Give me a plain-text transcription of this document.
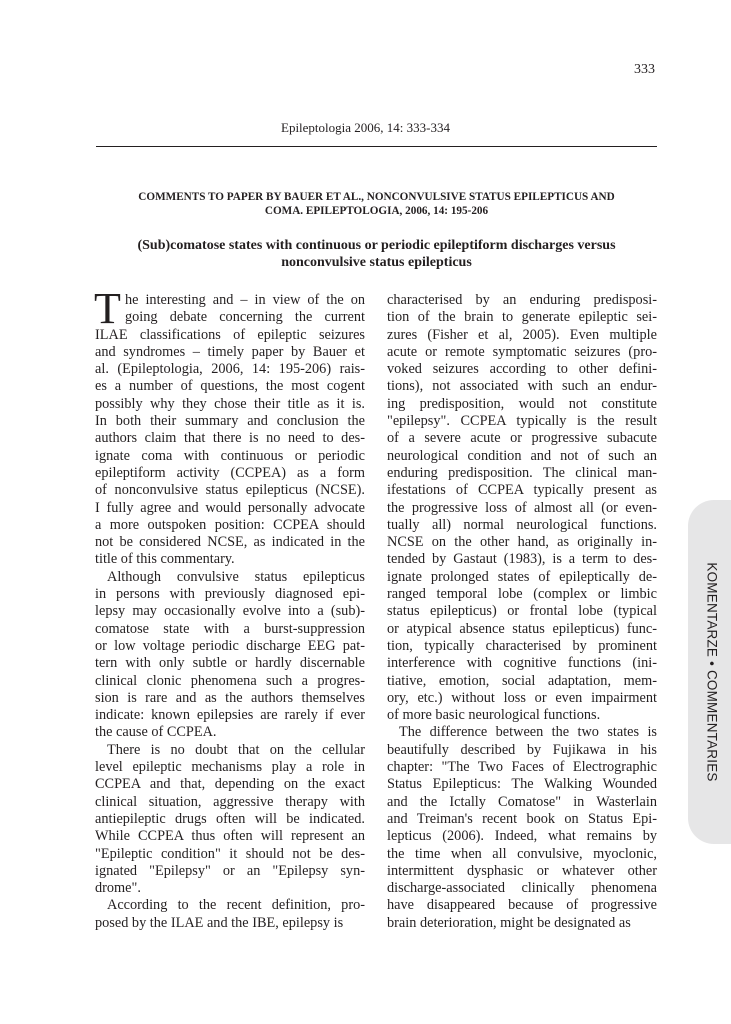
333
Epileptologia 2006, 14: 333-334
COMMENTS TO PAPER BY BAUER ET AL., NONCONVULSIVE STATUS EPILEPTICUS AND
COMA. EPILEPTOLOGIA, 2006, 14: 195-206
(Sub)comatose states with continuous or periodic epileptiform discharges versus
nonconvulsive status epilepticus
T he interesting and – in view of the on
going debate concerning the current
ILAE classifications of epileptic seizures
and syndromes – timely paper by Bauer et
al. (Epileptologia, 2006, 14: 195-206) rais-
es a number of questions, the most cogent
possibly why they chose their title as it is.
In both their summary and conclusion the
authors claim that there is no need to des-
ignate coma with continuous or periodic
epileptiform activity (CCPEA) as a form
of nonconvulsive status epilepticus (NCSE).
I fully agree and would personally advocate
a more outspoken position: CCPEA should
not be considered NCSE, as indicated in the
title of this commentary.
Although convulsive status epilepticus
in persons with previously diagnosed epi-
lepsy may occasionally evolve into a (sub)-
comatose state with a burst-suppression
or low voltage periodic discharge EEG pat-
tern with only subtle or hardly discernable
clinical clonic phenomena such a progres-
sion is rare and as the authors themselves
indicate: known epilepsies are rarely if ever
the cause of CCPEA.
There is no doubt that on the cellular
level epileptic mechanisms play a role in
CCPEA and that, depending on the exact
clinical situation, aggressive therapy with
antiepileptic drugs often will be indicated.
While CCPEA thus often will represent an
"Epileptic condition" it should not be des-
ignated "Epilepsy" or an "Epilepsy syn-
drome".
According to the recent definition, pro-
posed by the ILAE and the IBE, epilepsy is
characterised by an enduring predisposi-
tion of the brain to generate epileptic sei-
zures (Fisher et al, 2005). Even multiple
acute or remote symptomatic seizures (pro-
voked seizures according to other defini-
tions), not associated with such an endur-
ing predisposition, would not constitute
"epilepsy". CCPEA typically is the result
of a severe acute or progressive subacute
neurological condition and not of such an
enduring predisposition. The clinical man-
ifestations of CCPEA typically present as
the progressive loss of almost all (or even-
tually all) normal neurological functions.
NCSE on the other hand, as originally in-
tended by Gastaut (1983), is a term to des-
ignate prolonged states of epileptically de-
ranged temporal lobe (complex or limbic
status epilepticus) or frontal lobe (typical
or atypical absence status epilepticus) func-
tion, typically characterised by prominent
interference with cognitive functions (ini-
tiative, emotion, social adaptation, mem-
ory, etc.) without loss or even impairment
of more basic neurological functions.
The difference between the two states is
beautifully described by Fujikawa in his
chapter: "The Two Faces of Electrographic
Status Epilepticus: The Walking Wounded
and the Ictally Comatose" in Wasterlain
and Treiman's recent book on Status Epi-
lepticus (2006). Indeed, what remains by
the time when all convulsive, myoclonic,
intermittent dysphasic or whatever other
discharge-associated clinically phenomena
have disappeared because of progressive
brain deterioration, might be designated as
KOMENTARZE • COMMENTARIES
